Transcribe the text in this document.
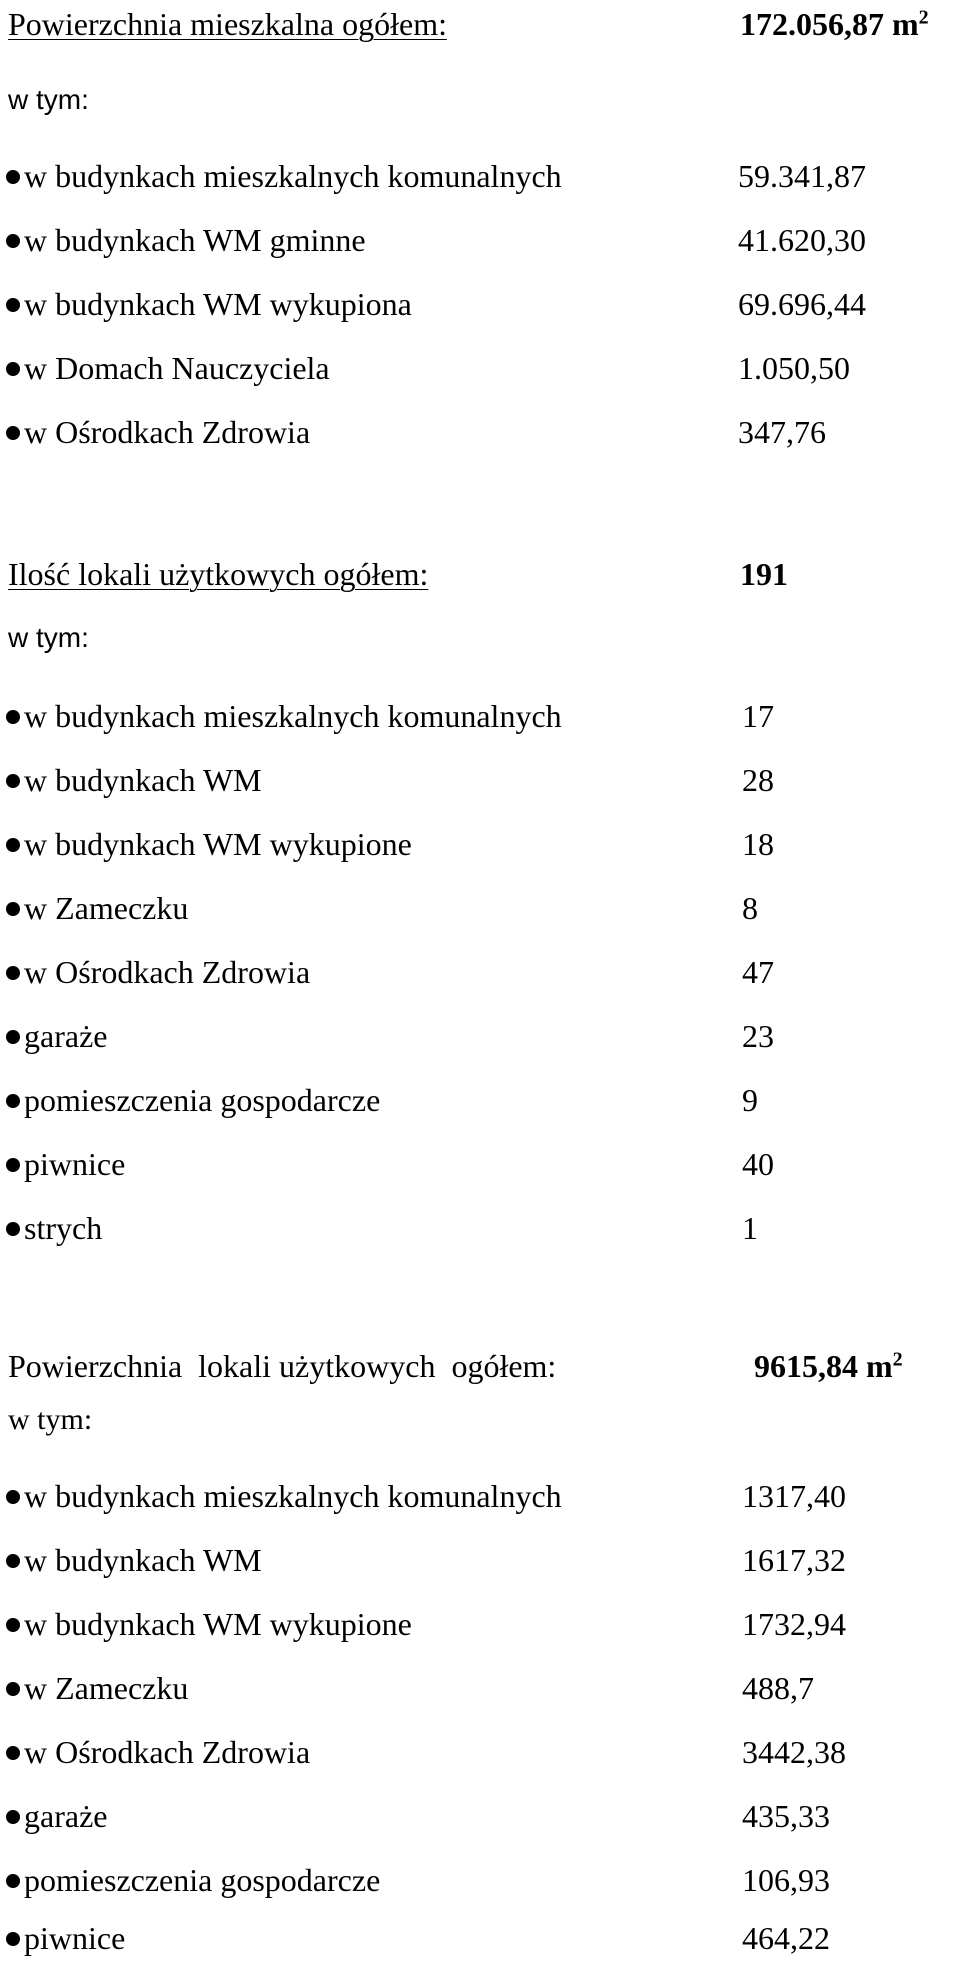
Powierzchnia mieszkalna ogółem:	172.056,87 $m^2$
w tym:
w budynkach mieszkalnych komunalnych	59.341,87
w budynkach WM gminne	41.620,30
w budynkach WM wykupiona	69.696,44
w Domach Nauczyciela	1.050,50
w Ośrodkach Zdrowia	347,76
Ilość lokali użytkowych ogółem:	191
w tym:
w budynkach mieszkalnych komunalnych	17
w budynkach WM	28
w budynkach WM wykupione	18
w Zameczku	8
w Ośrodkach Zdrowia	47
garaże	23
pomieszczenia gospodarcze	9
piwnice	40
strych	1
Powierzchnia  lokali użytkowych  ogółem:	9615,84 $m^2$
w tym:
w budynkach mieszkalnych komunalnych	1317,40
w budynkach WM	1617,32
w budynkach WM wykupione	1732,94
w Zameczku	488,7
w Ośrodkach Zdrowia	3442,38
garaże	435,33
pomieszczenia gospodarcze	106,93
piwnice	464,22
